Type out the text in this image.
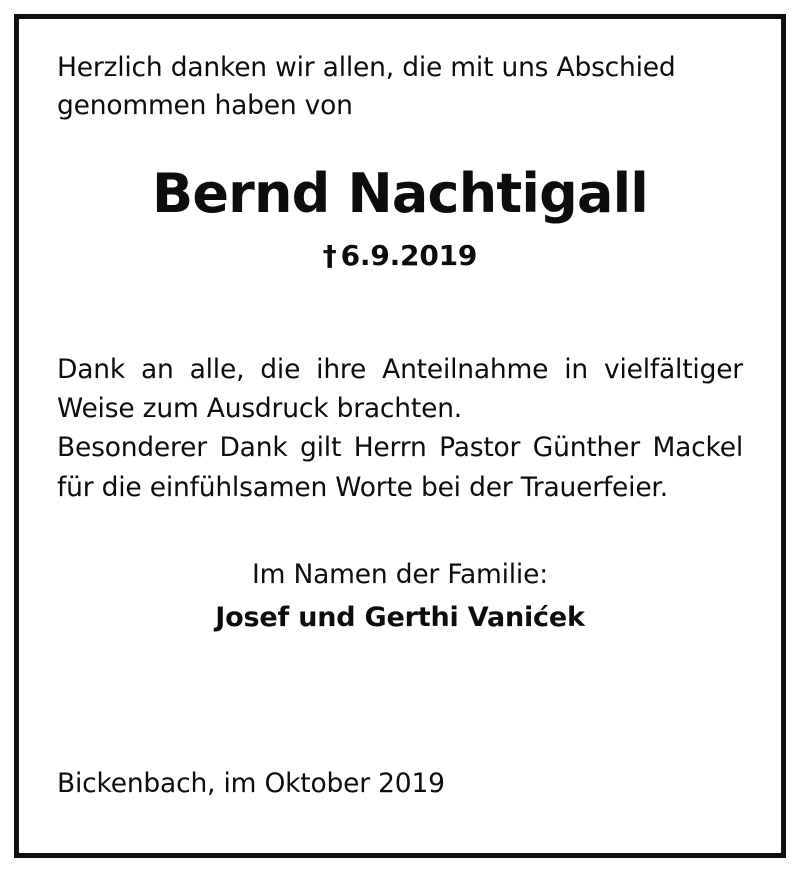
Herzlich danken wir allen, die mit uns Abschied
genommen haben von
Bernd Nachtigall
† 6.9.2019
Dank an alle, die ihre Anteilnahme in vielfältiger
Weise zum Ausdruck brachten.
Besonderer Dank gilt Herrn Pastor Günther Mackel
für die einfühlsamen Worte bei der Trauerfeier.
Im Namen der Familie:
Josef und Gerthi Vanićek
Bickenbach, im Oktober 2019
